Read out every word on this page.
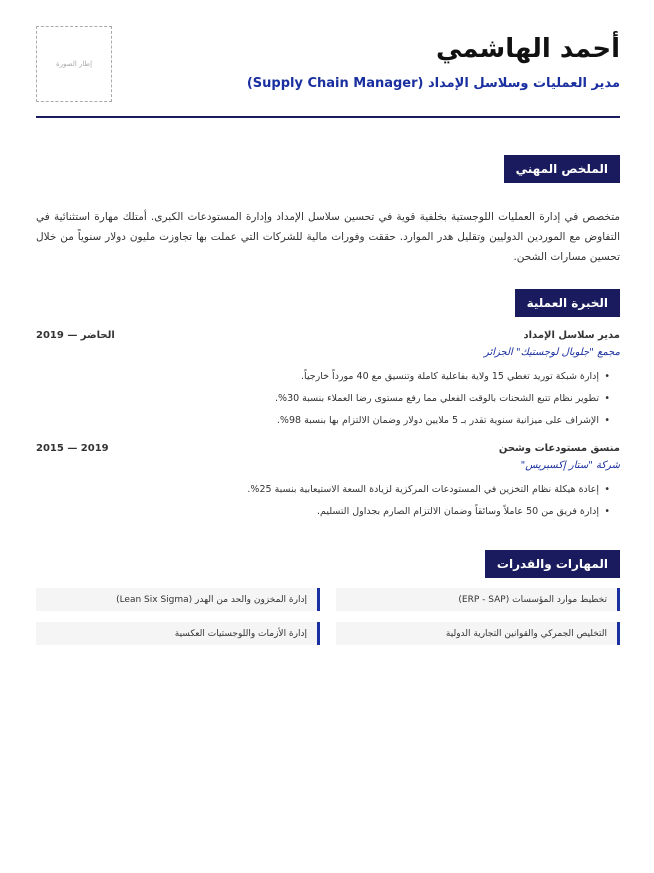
أحمد الهاشمي
مدير العمليات وسلاسل الإمداد (Supply Chain Manager)
إطار الصورة
الملخص المهني

متخصص في إدارة العمليات اللوجستية بخلفية قوية في تحسين سلاسل الإمداد وإدارة المستودعات الكبرى. أمتلك مهارة استثنائية في التفاوض مع الموردين الدوليين وتقليل هدر الموارد. حققت وفورات مالية للشركات التي عملت بها تجاوزت مليون دولار سنوياً من خلال تحسين مسارات الشحن.

الخبرة العملية
مدير سلاسل الإمداد
2019 — الحاضر
مجمع "جلوبال لوجستيك" الجزائر
• إدارة شبكة توريد تغطي 15 ولاية بفاعلية كاملة وتنسيق مع 40 مورداً خارجياً.
• تطوير نظام تتبع الشحنات بالوقت الفعلي مما رفع مستوى رضا العملاء بنسبة 30%.
• الإشراف على ميزانية سنوية تقدر بـ 5 ملايين دولار وضمان الالتزام بها بنسبة 98%.
منسق مستودعات وشحن
2015 — 2019
شركة "ستار إكسبريس"
• إعادة هيكلة نظام التخزين في المستودعات المركزية لزيادة السعة الاستيعابية بنسبة 25%.
• إدارة فريق من 50 عاملاً وسائقاً وضمان الالتزام الصارم بجداول التسليم.
المهارات والقدرات
تخطيط موارد المؤسسات (ERP - SAP)
إدارة المخزون والحد من الهدر (Lean Six Sigma)
التخليص الجمركي والقوانين التجارية الدولية
إدارة الأزمات واللوجستيات العكسية
